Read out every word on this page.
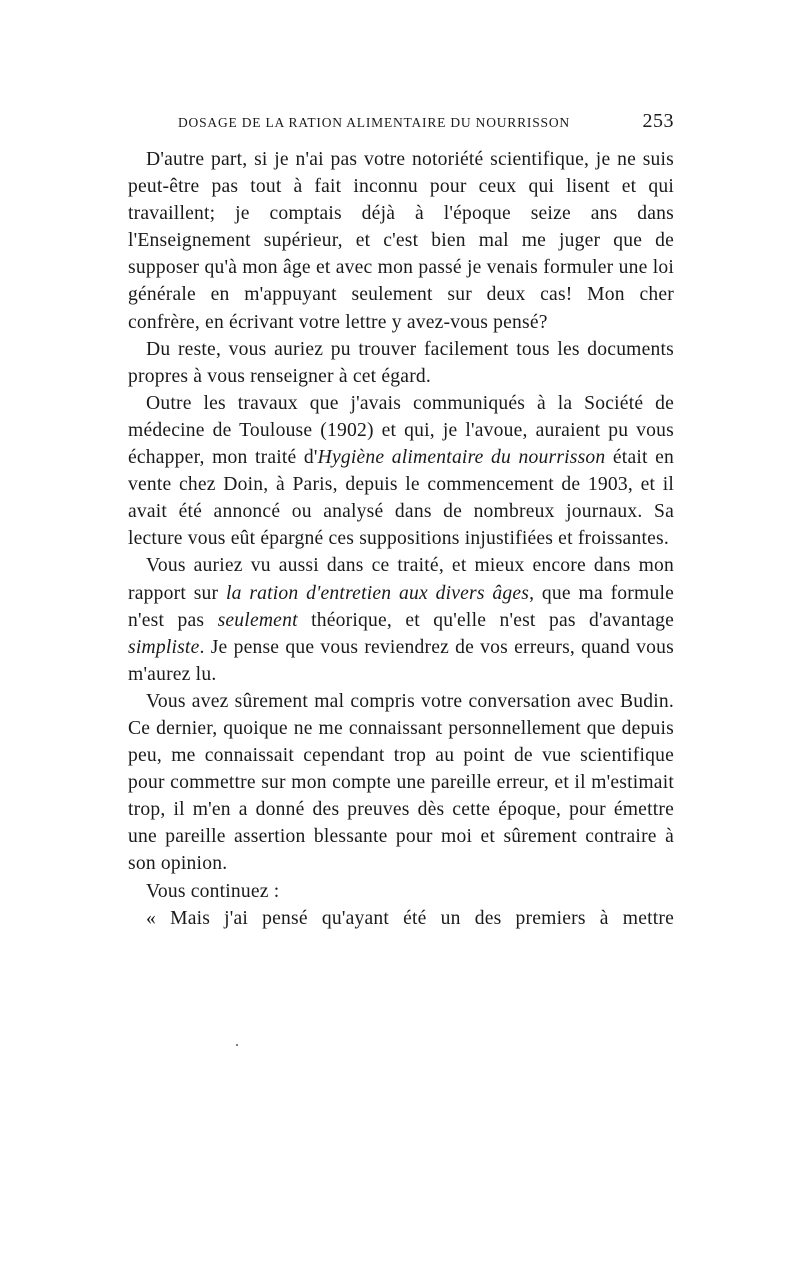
DOSAGE DE LA RATION ALIMENTAIRE DU NOURRISSON	253

D'autre part, si je n'ai pas votre notoriété scientifique, je ne suis peut-être pas tout à fait inconnu pour ceux qui lisent et qui travaillent; je comptais déjà à l'époque seize ans dans l'Enseignement supérieur, et c'est bien mal me juger que de supposer qu'à mon âge et avec mon passé je venais formuler une loi générale en m'appuyant seulement sur deux cas! Mon cher confrère, en écrivant votre lettre y avez-vous pensé?

Du reste, vous auriez pu trouver facilement tous les documents propres à vous renseigner à cet égard.

Outre les travaux que j'avais communiqués à la Société de médecine de Toulouse (1902) et qui, je l'avoue, auraient pu vous échapper, mon traité d'Hygiène alimentaire du nourrisson était en vente chez Doin, à Paris, depuis le commencement de 1903, et il avait été annoncé ou analysé dans de nombreux journaux. Sa lecture vous eût épargné ces suppositions injustifiées et froissantes.

Vous auriez vu aussi dans ce traité, et mieux encore dans mon rapport sur la ration d'entretien aux divers âges, que ma formule n'est pas seulement théorique, et qu'elle n'est pas d'avantage simpliste. Je pense que vous reviendrez de vos erreurs, quand vous m'aurez lu.

Vous avez sûrement mal compris votre conversation avec Budin. Ce dernier, quoique ne me connaissant personnellement que depuis peu, me connaissait cependant trop au point de vue scientifique pour commettre sur mon compte une pareille erreur, et il m'estimait trop, il m'en a donné des preuves dès cette époque, pour émettre une pareille assertion blessante pour moi et sûrement contraire à son opinion.

Vous continuez :

« Mais j'ai pensé qu'ayant été un des premiers à mettre
